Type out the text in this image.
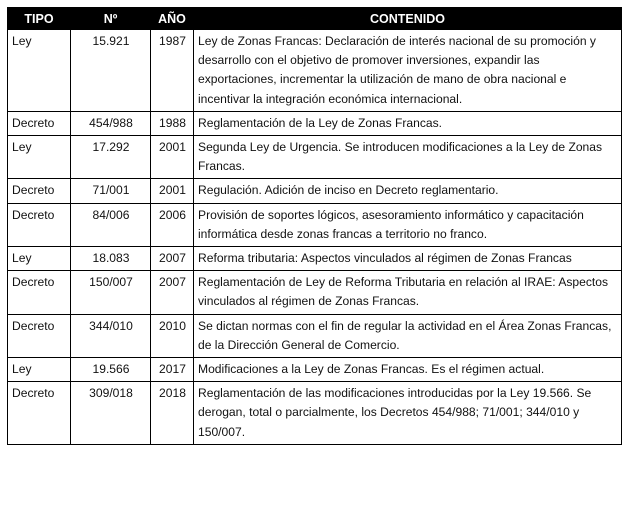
TIPO	Nº	AÑO	CONTENIDO
Ley	15.921	1987	Ley de Zonas Francas: Declaración de interés nacional de su promoción y desarrollo con el objetivo de promover inversiones, expandir las exportaciones, incrementar la utilización de mano de obra nacional e incentivar la integración económica internacional.
Decreto	454/988	1988	Reglamentación de la Ley de Zonas Francas.
Ley	17.292	2001	Segunda Ley de Urgencia. Se introducen modificaciones a la Ley de Zonas Francas.
Decreto	71/001	2001	Regulación. Adición de inciso en Decreto reglamentario.
Decreto	84/006	2006	Provisión de soportes lógicos, asesoramiento informático y capacitación informática desde zonas francas a territorio no franco.
Ley	18.083	2007	Reforma tributaria: Aspectos vinculados al régimen de Zonas Francas
Decreto	150/007	2007	Reglamentación de Ley de Reforma Tributaria en relación al IRAE: Aspectos vinculados al régimen de Zonas Francas.
Decreto	344/010	2010	Se dictan normas con el fin de regular la actividad en el Área Zonas Francas, de la Dirección General de Comercio.
Ley	19.566	2017	Modificaciones a la Ley de Zonas Francas. Es el régimen actual.
Decreto	309/018	2018	Reglamentación de las modificaciones introducidas por la Ley 19.566. Se derogan, total o parcialmente, los Decretos 454/988; 71/001; 344/010 y 150/007.
